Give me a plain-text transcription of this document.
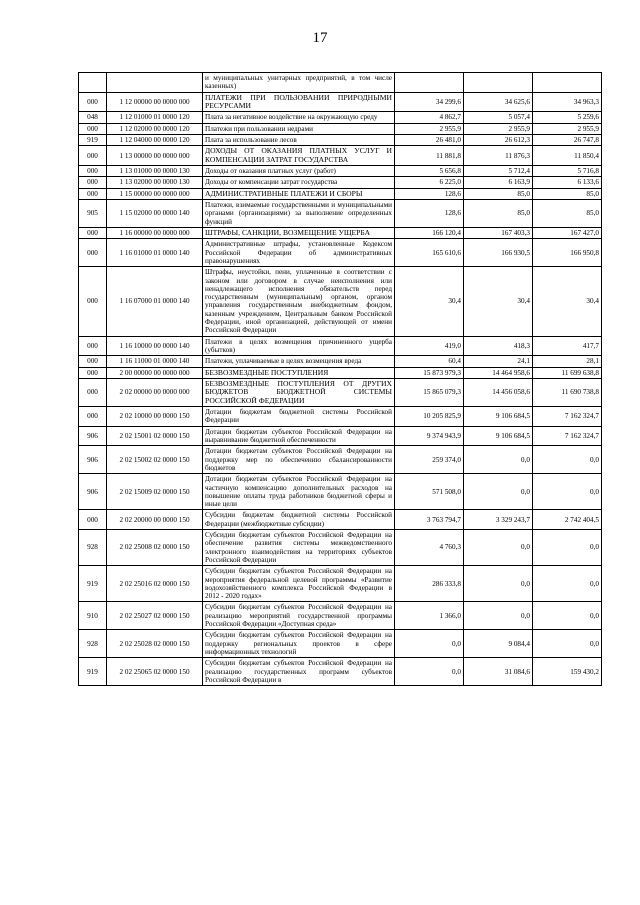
17
		и муниципальных унитарных предприятий, в том числе казенных)			
000	1 12 00000 00 0000 000	ПЛАТЕЖИ ПРИ ПОЛЬЗОВАНИИ ПРИРОДНЫМИ РЕСУРСАМИ	34 299,6	34 625,6	34 963,3
048	1 12 01000 01 0000 120	Плата за негативное воздействие на окружающую среду	4 862,7	5 057,4	5 259,6
000	1 12 02000 00 0000 120	Платежи при пользовании недрами	2 955,9	2 955,9	2 955,9
919	1 12 04000 00 0000 120	Плата за использование лесов	26 481,0	26 612,3	26 747,8
000	1 13 00000 00 0000 000	ДОХОДЫ ОТ ОКАЗАНИЯ ПЛАТНЫХ УСЛУГ И КОМПЕНСАЦИИ ЗАТРАТ ГОСУДАРСТВА	11 881,8	11 876,3	11 850,4
000	1 13 01000 00 0000 130	Доходы от оказания платных услуг (работ)	5 656,8	5 712,4	5 716,8
000	1 13 02000 00 0000 130	Доходы от компенсации затрат государства	6 225,0	6 163,9	6 133,6
000	1 15 00000 00 0000 000	АДМИНИСТРАТИВНЫЕ ПЛАТЕЖИ И СБОРЫ	128,6	85,0	85,0
905	1 15 02000 00 0000 140	Платежи, взимаемые государственными и муниципальными органами (организациями) за выполнение определенных функций	128,6	85,0	85,0
000	1 16 00000 00 0000 000	ШТРАФЫ, САНКЦИИ, ВОЗМЕЩЕНИЕ УЩЕРБА	166 120,4	167 403,3	167 427,0
000	1 16 01000 01 0000 140	Административные штрафы, установленные Кодексом Российской Федерации об административных правонарушениях	165 610,6	166 930,5	166 950,8
000	1 16 07000 01 0000 140	Штрафы, неустойки, пени, уплаченные в соответствии с законом или договором в случае неисполнения или ненадлежащего исполнения обязательств перед государственным (муниципальным) органом, органом управления государственным внебюджетным фондом, казенным учреждением, Центральным банком Российской Федерации, иной организацией, действующей от имени Российской Федерации	30,4	30,4	30,4
000	1 16 10000 00 0000 140	Платежи в целях возмещения причиненного ущерба (убытков)	419,0	418,3	417,7
000	1 16 11000 01 0000 140	Платежи, уплачиваемые в целях возмещения вреда	60,4	24,1	28,1
000	2 00 00000 00 0000 000	БЕЗВОЗМЕЗДНЫЕ ПОСТУПЛЕНИЯ	15 873 979,3	14 464 958,6	11 699 638,8
000	2 02 00000 00 0000 000	БЕЗВОЗМЕЗДНЫЕ ПОСТУПЛЕНИЯ ОТ ДРУГИХ БЮДЖЕТОВ БЮДЖЕТНОЙ СИСТЕМЫ РОССИЙСКОЙ ФЕДЕРАЦИИ	15 865 079,3	14 456 058,6	11 690 738,8
000	2 02 10000 00 0000 150	Дотации бюджетам бюджетной системы Российской Федерации	10 205 825,9	9 106 684,5	7 162 324,7
906	2 02 15001 02 0000 150	Дотации бюджетам субъектов Российской Федерации на выравнивание бюджетной обеспеченности	9 374 943,9	9 106 684,5	7 162 324,7
906	2 02 15002 02 0000 150	Дотации бюджетам субъектов Российской Федерации на поддержку мер по обеспечению сбалансированности бюджетов	259 374,0	0,0	0,0
906	2 02 15009 02 0000 150	Дотации бюджетам субъектов Российской Федерации на частичную компенсацию дополнительных расходов на повышение оплаты труда работников бюджетной сферы и иные цели	571 508,0	0,0	0,0
000	2 02 20000 00 0000 150	Субсидии бюджетам бюджетной системы Российской Федерации (межбюджетные субсидии)	3 763 794,7	3 329 243,7	2 742 404,5
928	2 02 25008 02 0000 150	Субсидии бюджетам субъектов Российской Федерации на обеспечение развития системы межведомственного электронного взаимодействия на территориях субъектов Российской Федерации	4 760,3	0,0	0,0
919	2 02 25016 02 0000 150	Субсидии бюджетам субъектов Российской Федерации на мероприятия федеральной целевой программы «Развитие водохозяйственного комплекса Российской Федерации в 2012 - 2020 годах»	286 333,8	0,0	0,0
910	2 02 25027 02 0000 150	Субсидии бюджетам субъектов Российской Федерации на реализацию мероприятий государственной программы Российской Федерации «Доступная среда»	1 366,0	0,0	0,0
928	2 02 25028 02 0000 150	Субсидии бюджетам субъектов Российской Федерации на поддержку региональных проектов в сфере информационных технологий	0,0	9 084,4	0,0
919	2 02 25065 02 0000 150	Субсидии бюджетам субъектов Российской Федерации на реализацию государственных программ субъектов Российской Федерации в	0,0	31 084,6	159 430,2
